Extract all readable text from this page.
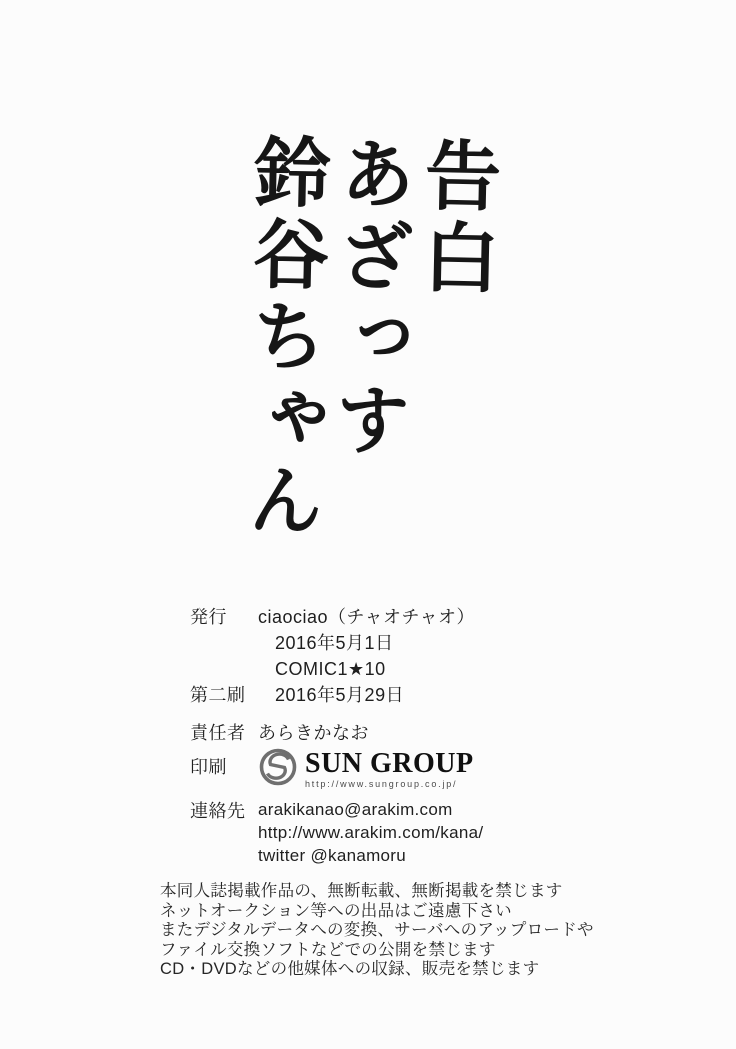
告白
あざっす
鈴谷ちゃん
発行	ciaociao（チャオチャオ）
2016年5月1日
COMIC1★10
第二刷	2016年5月29日
責任者 あらきかなお
印刷	SUN GROUP
http://www.sungroup.co.jp/
連絡先 arakikanao@arakim.com
http://www.arakim.com/kana/
twitter @kanamoru
本同人誌掲載作品の、無断転載、無断掲載を禁じます
ネットオークション等への出品はご遠慮下さい
またデジタルデータへの変換、サーバへのアップロードや
ファイル交換ソフトなどでの公開を禁じます
CD・DVDなどの他媒体への収録、販売を禁じます
